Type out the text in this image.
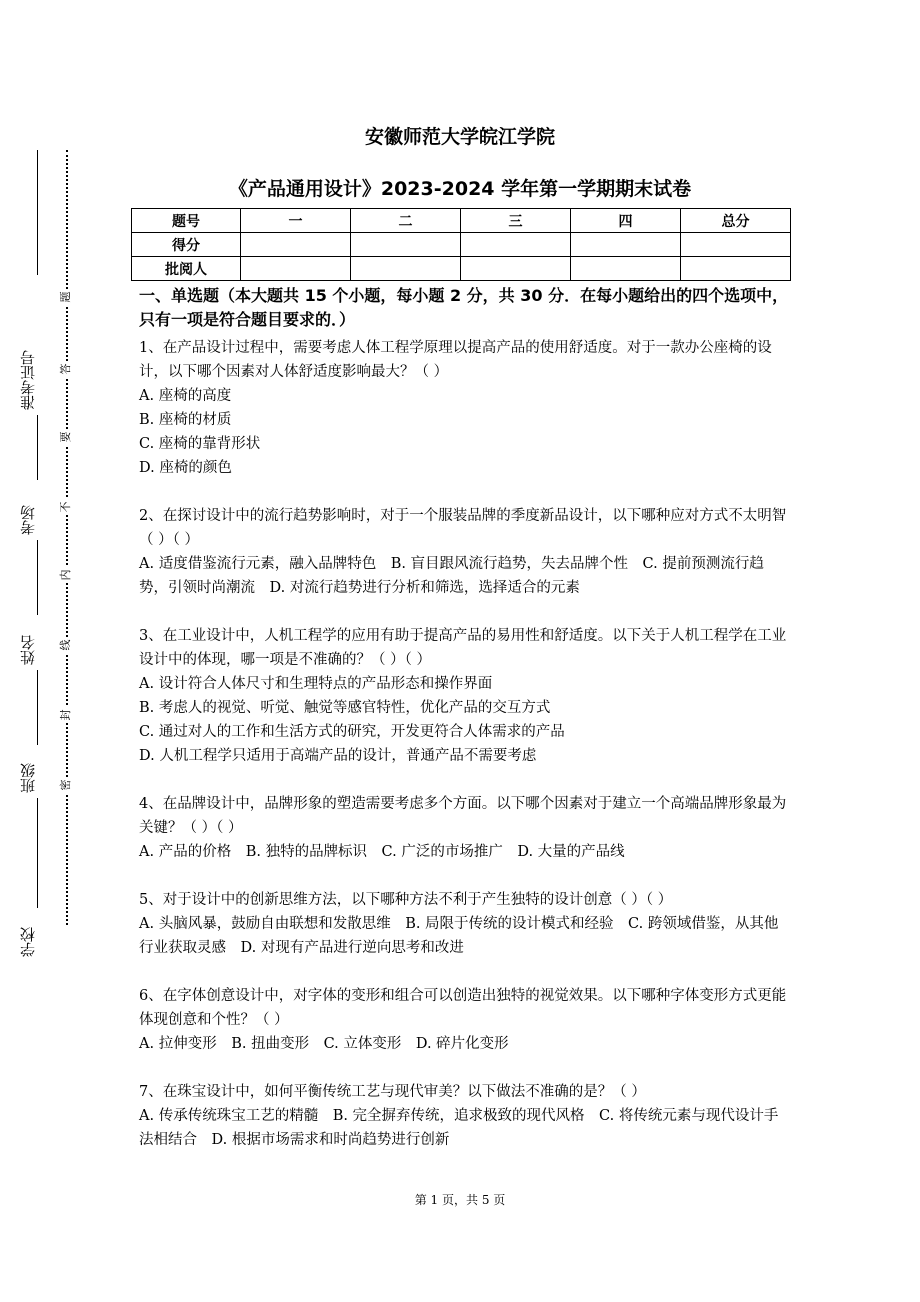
准考证号
考场
姓名
班级
学校
题
答
要
不
内
线
封
密
安徽师范大学皖江学院
《产品通用设计》2023-2024 学年第一学期期末试卷
题号	一	二	三	四	总分
得分					
批阅人					

一、单选题（本大题共 15 个小题，每小题 2 分，共 30 分．在每小题给出的四个选项中，只有一项是符合题目要求的．）

1、在产品设计过程中，需要考虑人体工程学原理以提高产品的使用舒适度。对于一款办公座椅的设计，以下哪个因素对人体舒适度影响最大？（ ）

A. 座椅的高度

B. 座椅的材质

C. 座椅的靠背形状

D. 座椅的颜色

2、在探讨设计中的流行趋势影响时，对于一个服装品牌的季度新品设计，以下哪种应对方式不太明智（ ）（ ）

A. 适度借鉴流行元素，融入品牌特色　B. 盲目跟风流行趋势，失去品牌个性　C. 提前预测流行趋势，引领时尚潮流　D. 对流行趋势进行分析和筛选，选择适合的元素

3、在工业设计中，人机工程学的应用有助于提高产品的易用性和舒适度。以下关于人机工程学在工业设计中的体现，哪一项是不准确的？（ ）（ ）

A. 设计符合人体尺寸和生理特点的产品形态和操作界面

B. 考虑人的视觉、听觉、触觉等感官特性，优化产品的交互方式

C. 通过对人的工作和生活方式的研究，开发更符合人体需求的产品

D. 人机工程学只适用于高端产品的设计，普通产品不需要考虑

4、在品牌设计中，品牌形象的塑造需要考虑多个方面。以下哪个因素对于建立一个高端品牌形象最为关键？（ ）（ ）

A. 产品的价格　B. 独特的品牌标识　C. 广泛的市场推广　D. 大量的产品线

5、对于设计中的创新思维方法，以下哪种方法不利于产生独特的设计创意（ ）（ ）

A. 头脑风暴，鼓励自由联想和发散思维　B. 局限于传统的设计模式和经验　C. 跨领域借鉴，从其他行业获取灵感　D. 对现有产品进行逆向思考和改进

6、在字体创意设计中，对字体的变形和组合可以创造出独特的视觉效果。以下哪种字体变形方式更能体现创意和个性？（ ）

A. 拉伸变形　B. 扭曲变形　C. 立体变形　D. 碎片化变形

7、在珠宝设计中，如何平衡传统工艺与现代审美？以下做法不准确的是？（ ）

A. 传承传统珠宝工艺的精髓　B. 完全摒弃传统，追求极致的现代风格　C. 将传统元素与现代设计手法相结合　D. 根据市场需求和时尚趋势进行创新

第 1 页，共 5 页
